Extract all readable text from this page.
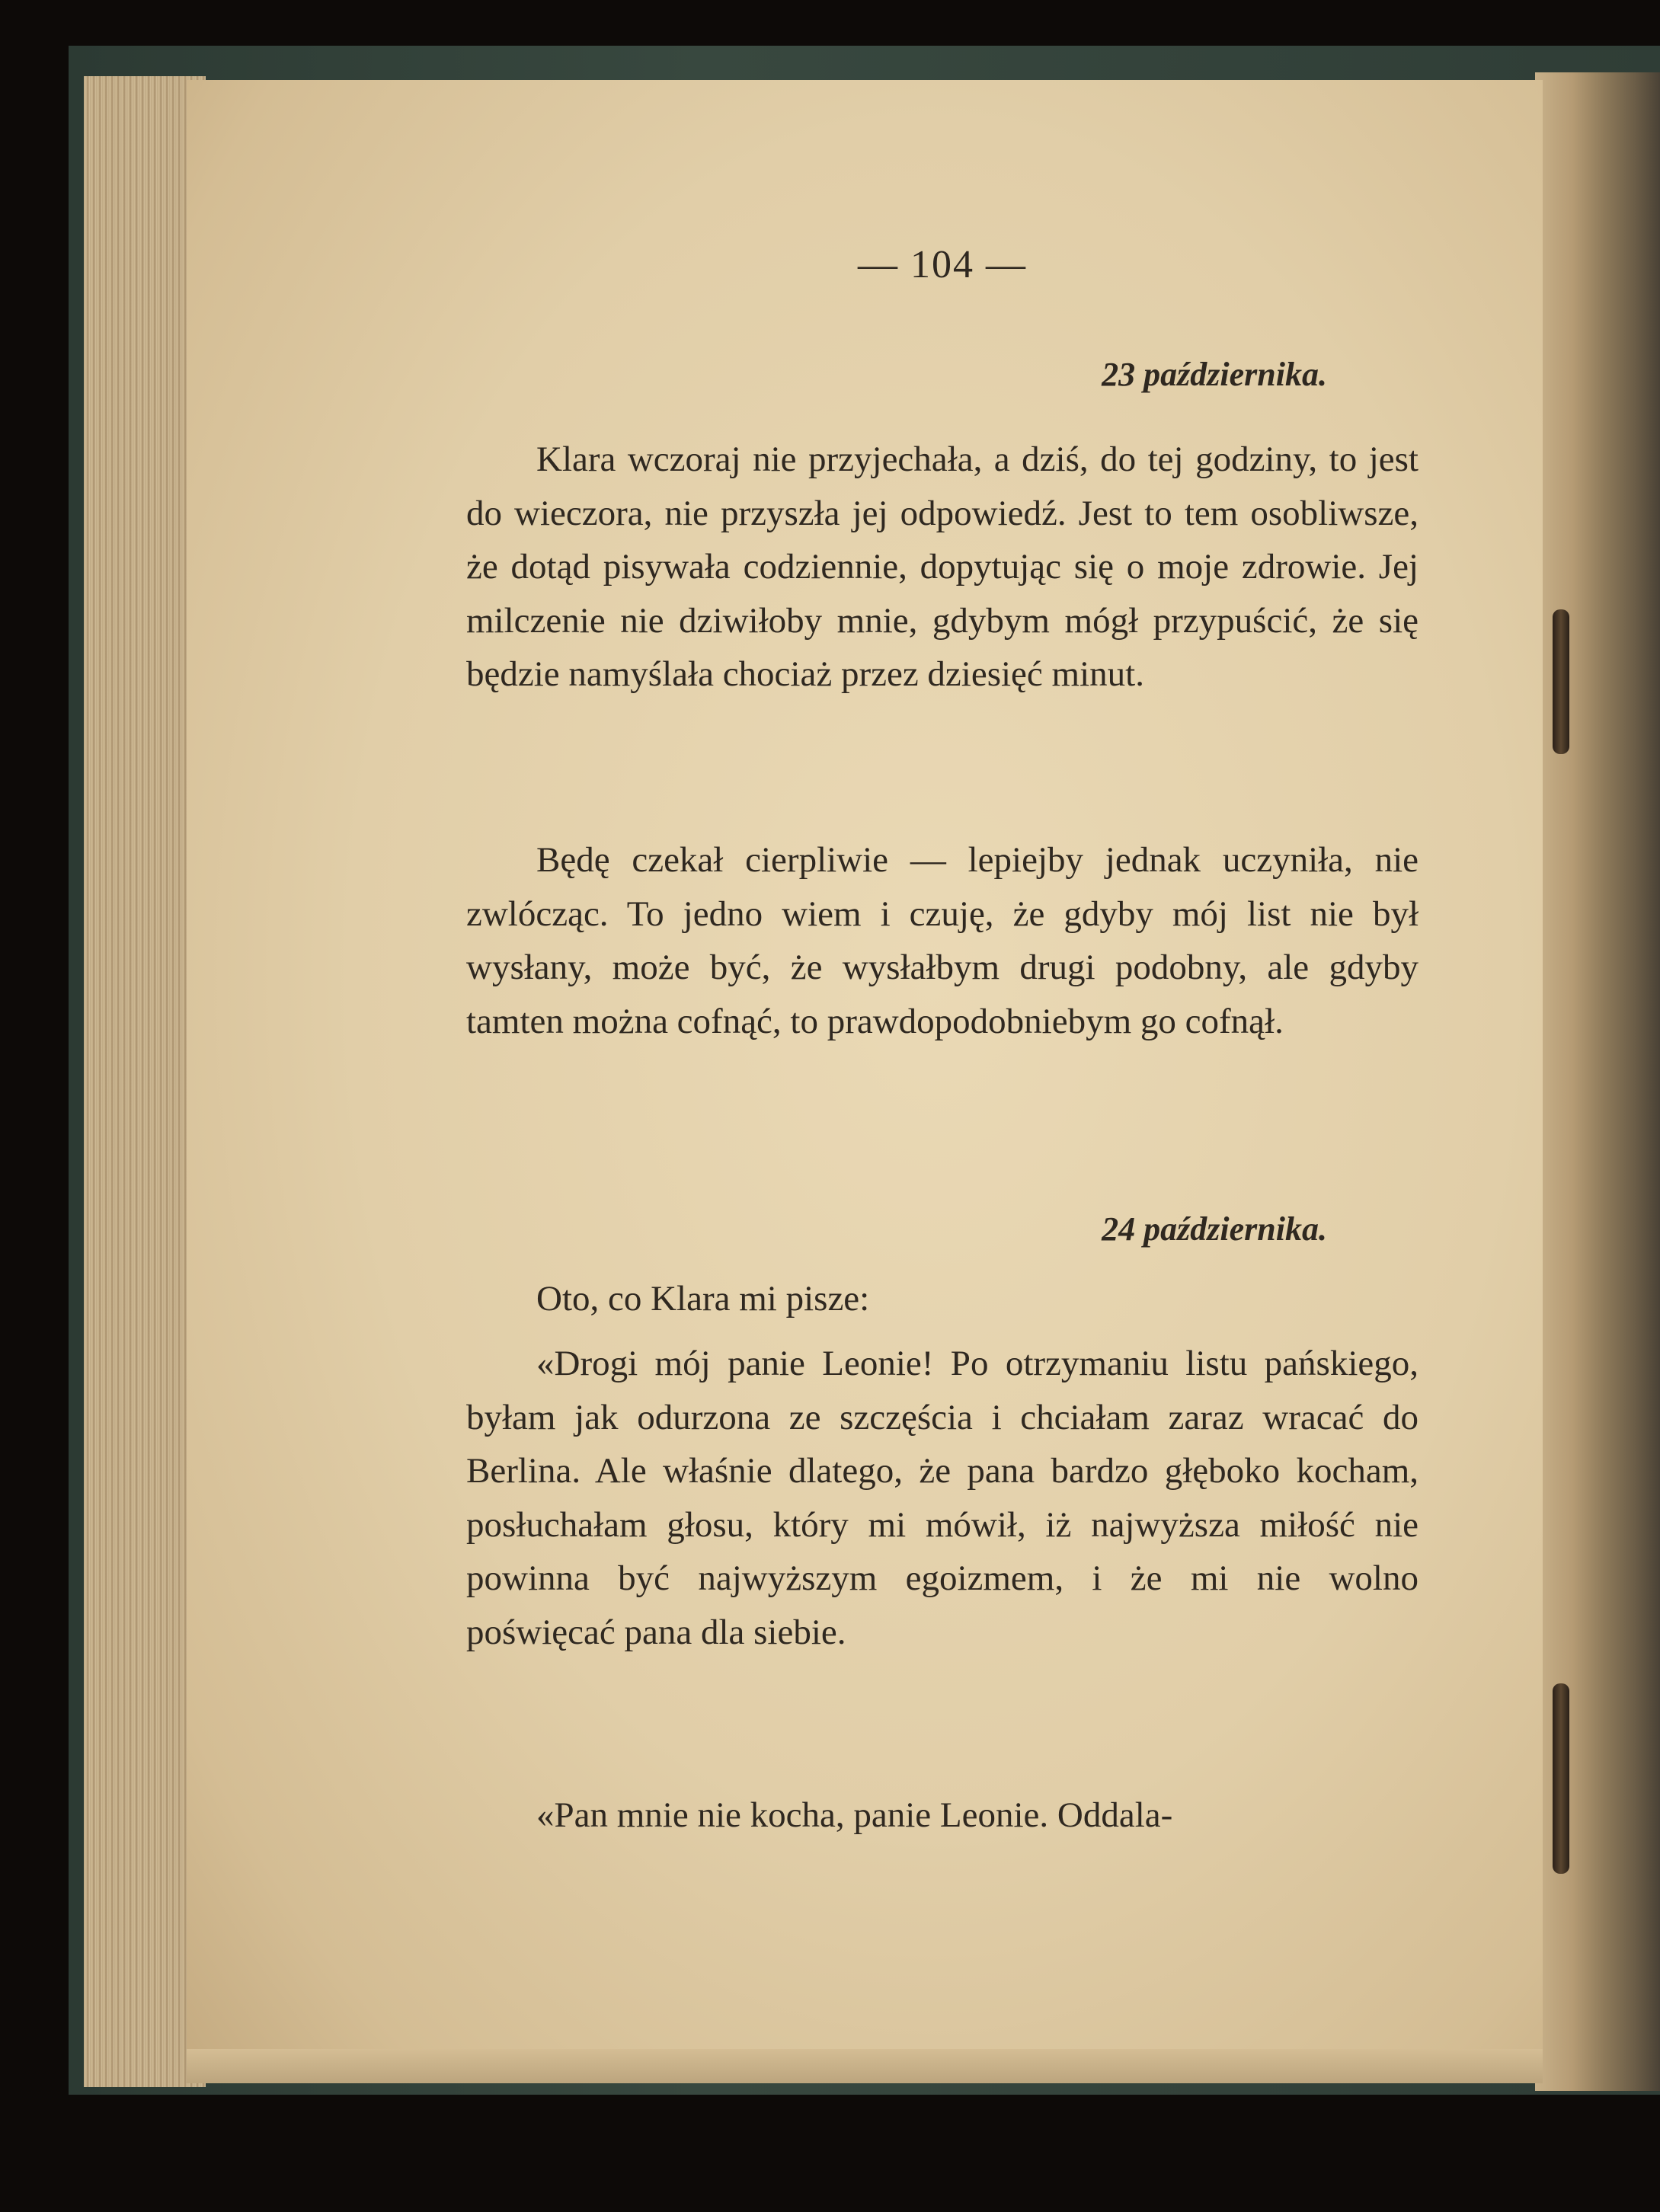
— 104 —
23 października.
Klara wczoraj nie przyjechała, a dziś, do tej godziny, to jest do wieczora, nie przyszła jej odpowiedź. Jest to tem osobliwsze, że dotąd pisywała codziennie, dopytując się o moje zdrowie. Jej milczenie nie dziwiłoby mnie, gdybym mógł przypuścić, że się będzie namyślała chociaż przez dziesięć minut.
Będę czekał cierpliwie — lepiejby jednak uczyniła, nie zwlócząc. To jedno wiem i czuję, że gdyby mój list nie był wysłany, może być, że wysłałbym drugi podobny, ale gdyby tamten można cofnąć, to prawdopodobniebym go cofnął.
24 października.
Oto, co Klara mi pisze:
«Drogi mój panie Leonie! Po otrzymaniu listu pańskiego, byłam jak odurzona ze szczęścia i chciałam zaraz wracać do Berlina. Ale właśnie dlatego, że pana bardzo głęboko kocham, posłuchałam głosu, który mi mówił, iż najwyższa miłość nie powinna być najwyższym egoizmem, i że mi nie wolno poświęcać pana dla siebie.
«Pan mnie nie kocha, panie Leonie. Oddala-
